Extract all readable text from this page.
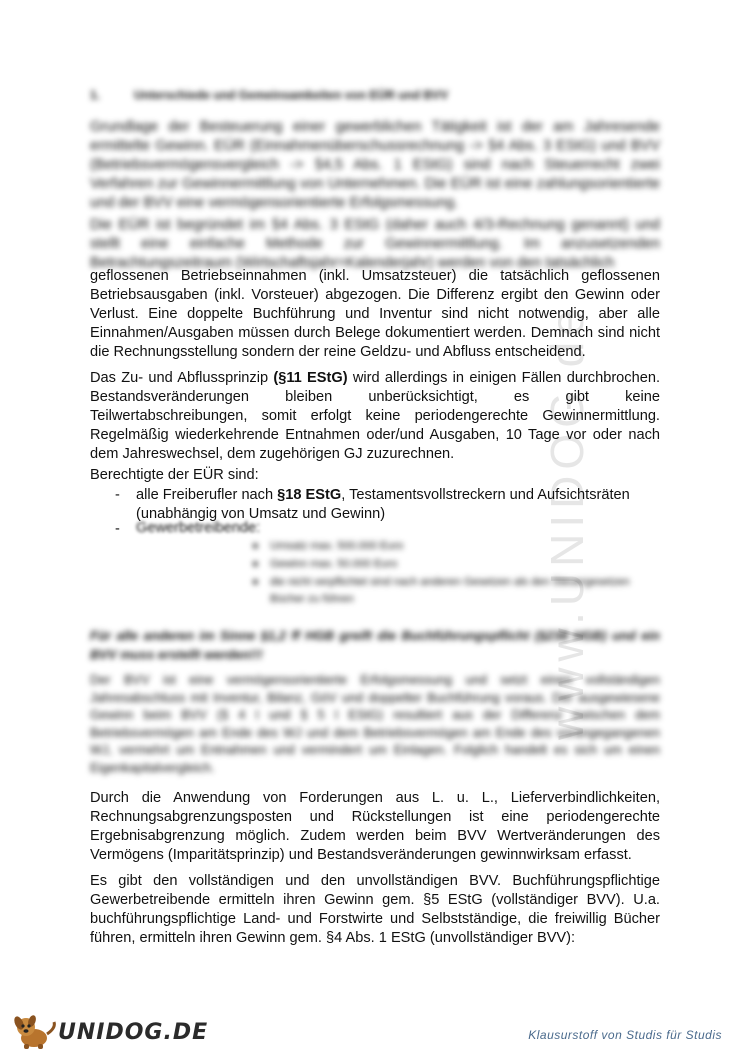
www.UNIDOG.de
1.	Unterschiede und Gemeinsamkeiten von EÜR und BVV
Grundlage der Besteuerung einer gewerblichen Tätigkeit ist der am Jahresende ermittelte Gewinn. EÜR (Einnahmenüberschussrechnung -> §4 Abs. 3 EStG) und BVV (Betriebsvermögensvergleich -> §4,5 Abs. 1 EStG) sind nach Steuerrecht zwei Verfahren zur Gewinnermittlung von Unternehmen. Die EÜR ist eine zahlungsorientierte und der BVV eine vermögensorientierte Erfolgsmessung.
Die EÜR ist begründet im §4 Abs. 3 EStG (daher auch 4/3-Rechnung genannt) und stellt eine einfache Methode zur Gewinnermittlung. Im anzusetzenden Betrachtungszeitraum (Wirtschaftsjahr=Kalenderjahr) werden von den tatsächlich
geflossenen Betriebseinnahmen (inkl. Umsatzsteuer) die tatsächlich geflossenen Betriebsausgaben (inkl. Vorsteuer) abgezogen. Die Differenz ergibt den Gewinn oder Verlust. Eine doppelte Buchführung und Inventur sind nicht notwendig, aber alle Einnahmen/Ausgaben müssen durch Belege dokumentiert werden. Demnach sind nicht die Rechnungsstellung sondern der reine Geldzu- und Abfluss entscheidend.
Das Zu- und Abflussprinzip (§11 EStG) wird allerdings in einigen Fällen durchbrochen. Bestandsveränderungen bleiben unberücksichtigt, es gibt keine Teilwertabschreibungen, somit erfolgt keine periodengerechte Gewinnermittlung. Regelmäßig wiederkehrende Entnahmen oder/und Ausgaben, 10 Tage vor oder nach dem Jahreswechsel, dem zugehörigen GJ zuzurechnen.
Berechtigte der EÜR sind:
- alle Freiberufler nach §18 EStG, Testamentsvollstreckern und Aufsichtsräten (unabhängig von Umsatz und Gewinn)
- Gewerbetreibende:
● Umsatz max. 500.000 Euro
● Gewinn max. 50.000 Euro
● die nicht verpflichtet sind nach anderen Gesetzen als den Steuergesetzen Bücher zu führen
Für alle anderen im Sinne §1,2 ff HGB greift die Buchführungspflicht (§238 HGB) und ein BVV muss erstellt werden!!!
Der BVV ist eine vermögensorientierte Erfolgsmessung und setzt einen vollständigen Jahresabschluss mit Inventur, Bilanz, GöV und doppelter Buchführung voraus. Der ausgewiesene Gewinn beim BVV (§ 4 I und § 5 I EStG) resultiert aus der Differenz zwischen dem Betriebsvermögen am Ende des WJ und dem Betriebsvermögen am Ende des vorangegangenen WJ, vermehrt um Entnahmen und vermindert um Einlagen. Folglich handelt es sich um einen Eigenkapitalvergleich.
Durch die Anwendung von Forderungen aus L. u. L., Lieferverbindlichkeiten, Rechnungsabgrenzungsposten und Rückstellungen ist eine periodengerechte Ergebnisabgrenzung möglich. Zudem werden beim BVV Wertveränderungen des Vermögens (Imparitätsprinzip) und Bestandsveränderungen gewinnwirksam erfasst.
Es gibt den vollständigen und den unvollständigen BVV. Buchführungspflichtige Gewerbetreibende ermitteln ihren Gewinn gem. §5 EStG (vollständiger BVV). U.a. buchführungspflichtige Land- und Forstwirte und Selbstständige, die freiwillig Bücher führen, ermitteln ihren Gewinn gem. §4 Abs. 1 EStG (unvollständiger BVV):
UNIDOG.DE	Klausurstoff von Studis für Studis
